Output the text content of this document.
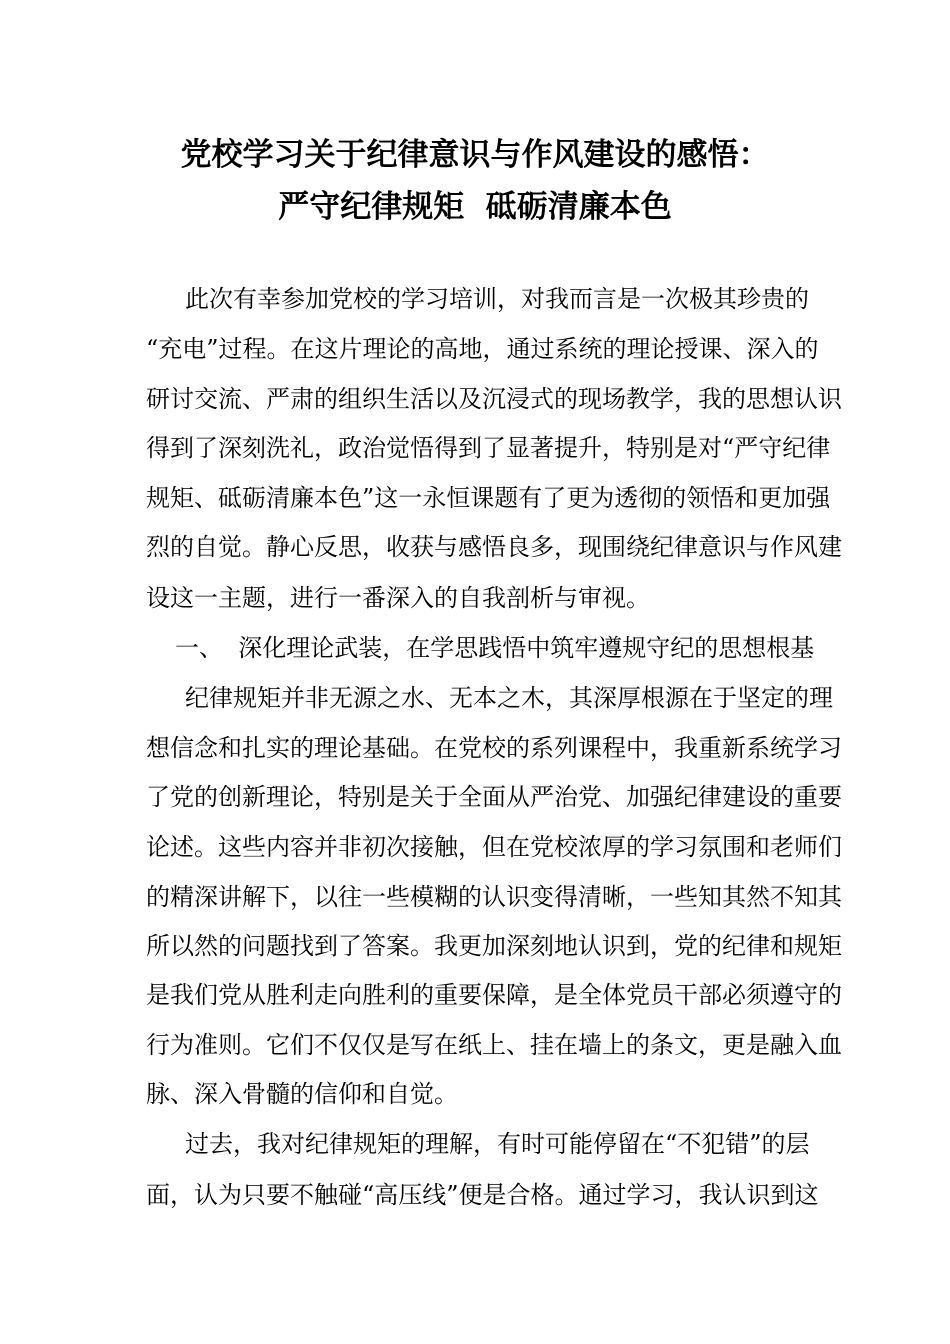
党校学习关于纪律意识与作风建设的感悟：
严守纪律规矩  砥砺清廉本色
此次有幸参加党校的学习培训，对我而言是一次极其珍贵的
“充电”过程。在这片理论的高地，通过系统的理论授课、深入的
研讨交流、严肃的组织生活以及沉浸式的现场教学，我的思想认识
得到了深刻洗礼，政治觉悟得到了显著提升，特别是对“严守纪律
规矩、砥砺清廉本色”这一永恒课题有了更为透彻的领悟和更加强
烈的自觉。静心反思，收获与感悟良多，现围绕纪律意识与作风建
设这一主题，进行一番深入的自我剖析与审视。
一、  深化理论武装，在学思践悟中筑牢遵规守纪的思想根基
纪律规矩并非无源之水、无本之木，其深厚根源在于坚定的理
想信念和扎实的理论基础。在党校的系列课程中，我重新系统学习
了党的创新理论，特别是关于全面从严治党、加强纪律建设的重要
论述。这些内容并非初次接触，但在党校浓厚的学习氛围和老师们
的精深讲解下，以往一些模糊的认识变得清晰，一些知其然不知其
所以然的问题找到了答案。我更加深刻地认识到，党的纪律和规矩
是我们党从胜利走向胜利的重要保障，是全体党员干部必须遵守的
行为准则。它们不仅仅是写在纸上、挂在墙上的条文，更是融入血
脉、深入骨髓的信仰和自觉。
过去，我对纪律规矩的理解，有时可能停留在“不犯错”的层
面，认为只要不触碰“高压线”便是合格。通过学习，我认识到这
